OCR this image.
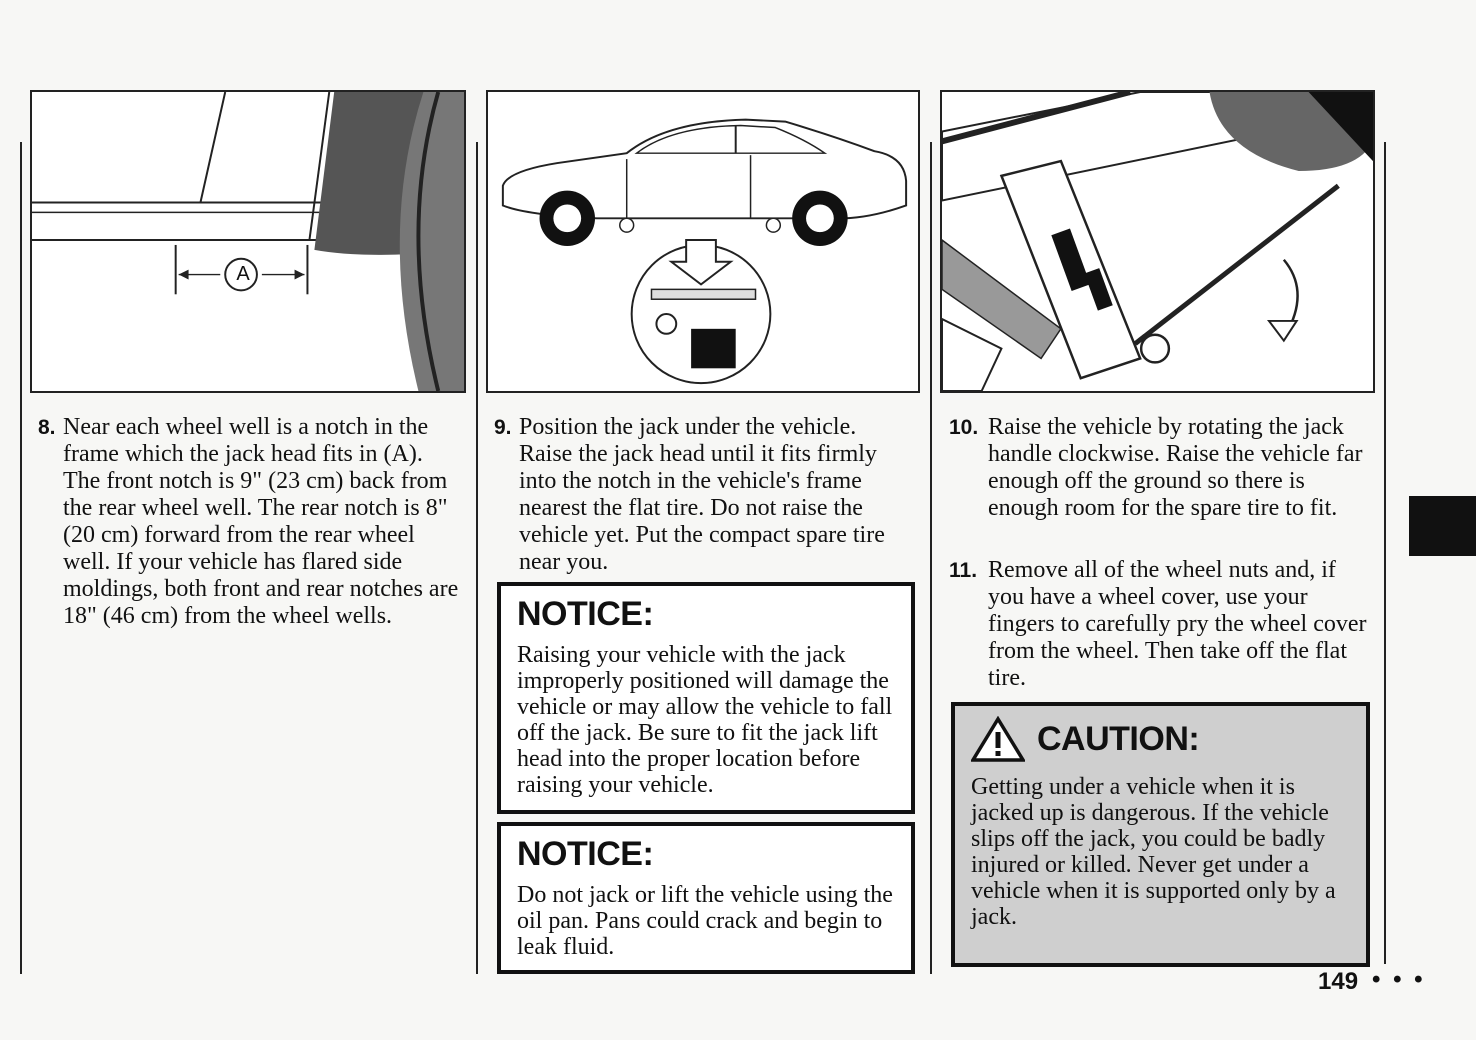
A
8. Near each wheel well is a notch in the frame which the jack head fits in (A). The front notch is 9" (23 cm) back from the rear wheel well. The rear notch is 8" (20 cm) forward from the rear wheel well. If your vehicle has flared side moldings, both front and rear notches are 18" (46 cm) from the wheel wells.
9. Position the jack under the vehicle. Raise the jack head until it fits firmly into the notch in the vehicle's frame nearest the flat tire. Do not raise the vehicle yet. Put the compact spare tire near you.
NOTICE:

Raising your vehicle with the jack improperly positioned will damage the vehicle or may allow the vehicle to fall off the jack. Be sure to fit the jack lift head into the proper location before raising your vehicle.

NOTICE:

Do not jack or lift the vehicle using the oil pan. Pans could crack and begin to leak fluid.

10. Raise the vehicle by rotating the jack handle clockwise. Raise the vehicle far enough off the ground so there is enough room for the spare tire to fit.
11. Remove all of the wheel nuts and, if you have a wheel cover, use your fingers to carefully pry the wheel cover from the wheel. Then take off the flat tire.
CAUTION:

Getting under a vehicle when it is jacked up is dangerous. If the vehicle slips off the jack, you could be badly injured or killed. Never get under a vehicle when it is supported only by a jack.

149 • • •
